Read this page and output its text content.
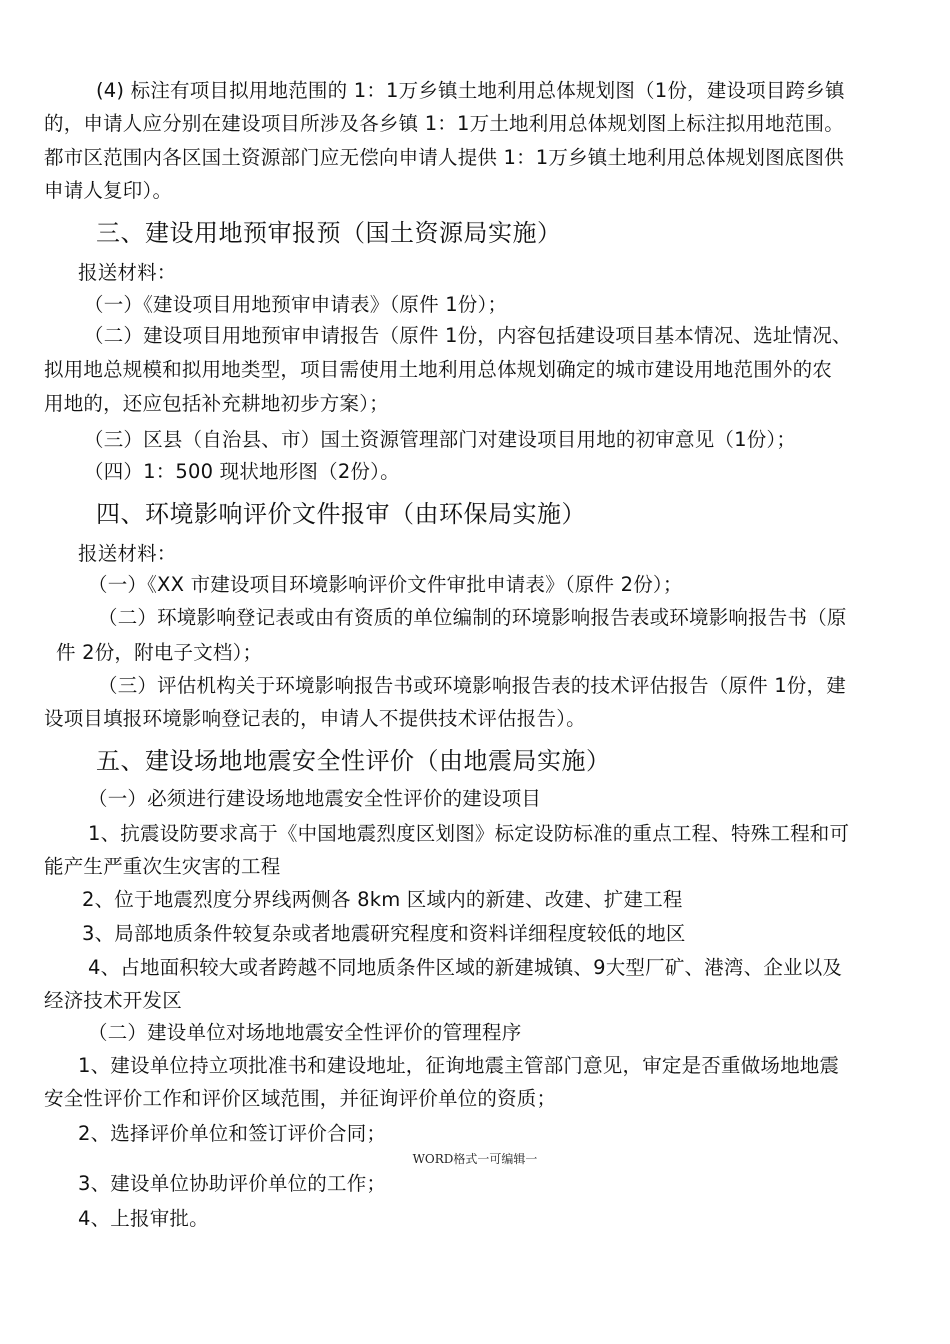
(4) 标注有项目拟用地范围的 1：1万乡镇土地利用总体规划图（1份，建设项目跨乡镇
的，申请人应分别在建设项目所涉及各乡镇 1：1万土地利用总体规划图上标注拟用地范围。
都市区范围内各区国土资源部门应无偿向申请人提供 1：1万乡镇土地利用总体规划图底图供
申请人复印）。
三、建设用地预审报预（国土资源局实施）
报送材料：
（一）《建设项目用地预审申请表》（原件 1份）；
（二）建设项目用地预审申请报告（原件 1份，内容包括建设项目基本情况、选址情况、
拟用地总规模和拟用地类型，项目需使用土地利用总体规划确定的城市建设用地范围外的农
用地的，还应包括补充耕地初步方案）；
（三）区县（自治县、市）国土资源管理部门对建设项目用地的初审意见（1份）；
（四）1：500 现状地形图（2份）。
四、环境影响评价文件报审（由环保局实施）
报送材料：
（一）《XX 市建设项目环境影响评价文件审批申请表》（原件 2份）；
（二）环境影响登记表或由有资质的单位编制的环境影响报告表或环境影响报告书（原
件 2份，附电子文档）；
（三）评估机构关于环境影响报告书或环境影响报告表的技术评估报告（原件 1份，建
设项目填报环境影响登记表的，申请人不提供技术评估报告）。
五、建设场地地震安全性评价（由地震局实施）
（一）必须进行建设场地地震安全性评价的建设项目
1、抗震设防要求高于《中国地震烈度区划图》标定设防标准的重点工程、特殊工程和可
能产生严重次生灾害的工程
2、位于地震烈度分界线两侧各 8km 区域内的新建、改建、扩建工程
3、局部地质条件较复杂或者地震研究程度和资料详细程度较低的地区
4、占地面积较大或者跨越不同地质条件区域的新建城镇、9大型厂矿、港湾、企业以及
经济技术开发区
（二）建设单位对场地地震安全性评价的管理程序
1、建设单位持立项批准书和建设地址，征询地震主管部门意见，审定是否重做场地地震
安全性评价工作和评价区域范围，并征询评价单位的资质；
2、选择评价单位和签订评价合同；
WORD格式一可编辑一
3、建设单位协助评价单位的工作；
4、上报审批。
